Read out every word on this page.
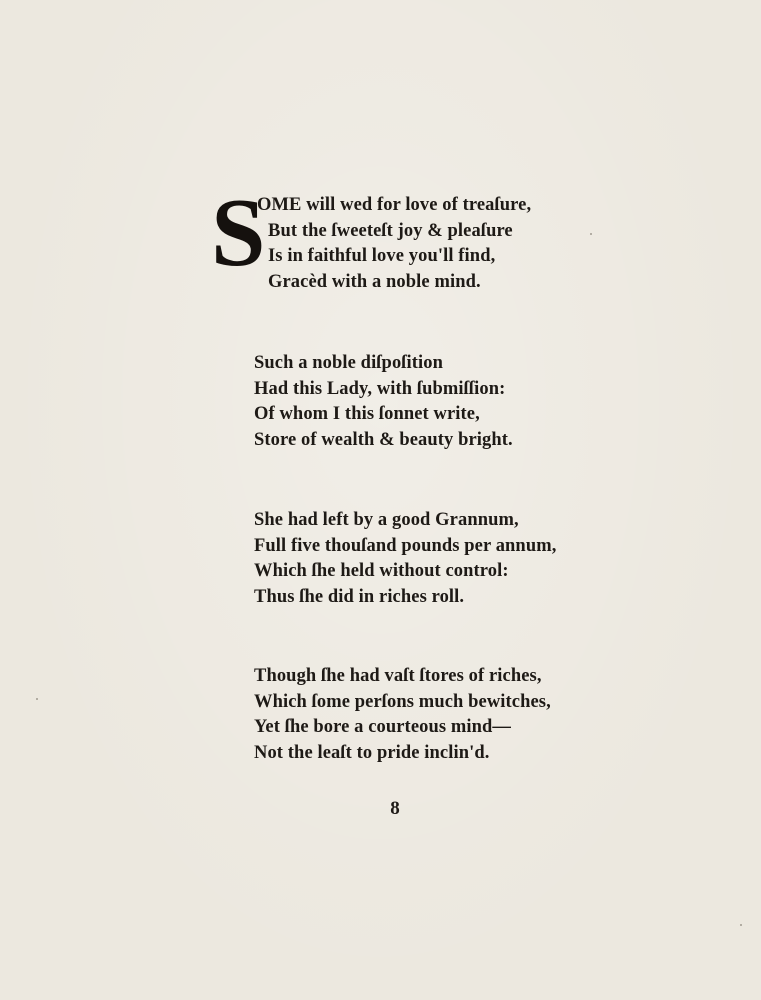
S
OME will wed for love of treaſure,
But the ſweeteſt joy & pleaſure
Is in faithful love you'll find,
Gracèd with a noble mind.
Such a noble diſpoſition
Had this Lady, with ſubmiſſion:
Of whom I this ſonnet write,
Store of wealth & beauty bright.
She had left by a good Grannum,
Full five thouſand pounds per annum,
Which ſhe held without control:
Thus ſhe did in riches roll.
Though ſhe had vaſt ſtores of riches,
Which ſome perſons much bewitches,
Yet ſhe bore a courteous mind—
Not the leaſt to pride inclin'd.
8
